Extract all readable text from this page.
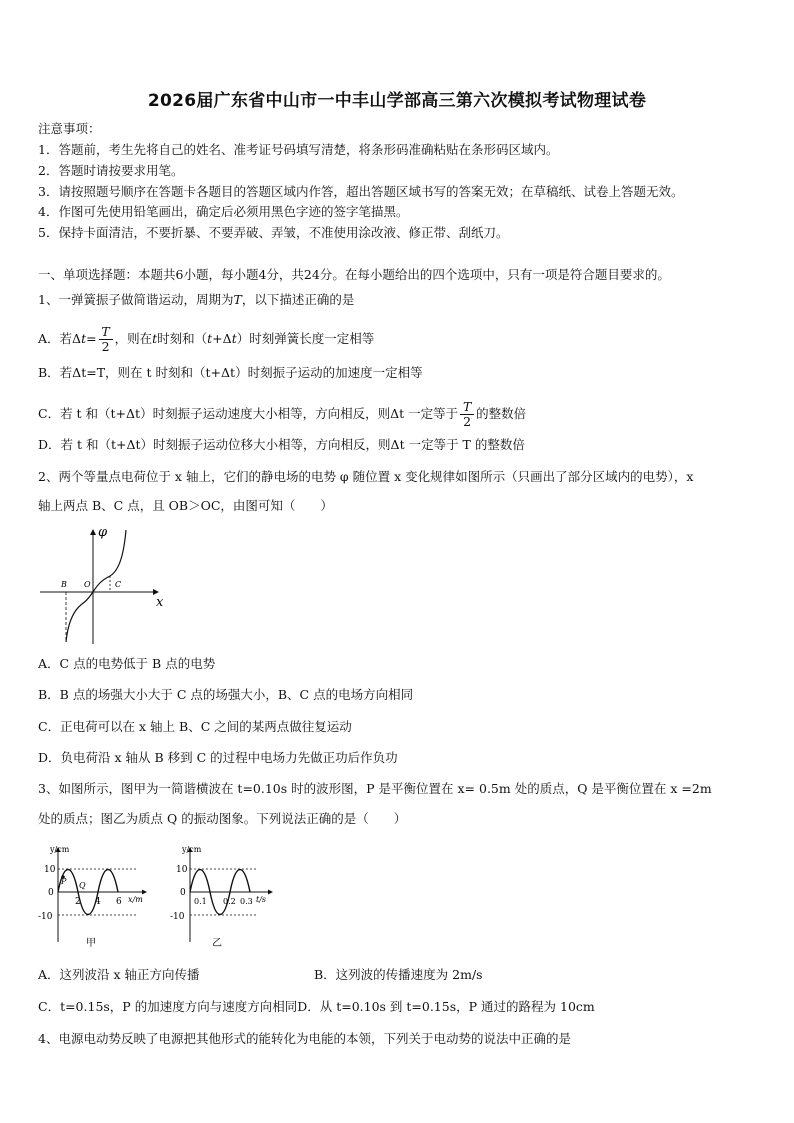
2026届广东省中山市一中丰山学部高三第六次模拟考试物理试卷
注意事项：
1．答题前，考生先将自己的姓名、准考证号码填写清楚，将条形码准确粘贴在条形码区域内。
2．答题时请按要求用笔。
3．请按照题号顺序在答题卡各题目的答题区域内作答，超出答题区域书写的答案无效；在草稿纸、试卷上答题无效。
4．作图可先使用铅笔画出，确定后必须用黑色字迹的签字笔描黑。
5．保持卡面清洁，不要折暴、不要弄破、弄皱，不准使用涂改液、修正带、刮纸刀。
一、单项选择题：本题共6小题，每小题4分，共24分。在每小题给出的四个选项中，只有一项是符合题目要求的。
1、一弹簧振子做简谐运动，周期为T，以下描述正确的是
A．若$\Delta t= \frac{T}{2}$ ，则在t时刻和（t+Δt）时刻弹簧长度一定相等
B．若Δt=T，则在 t 时刻和（t+Δt）时刻振子运动的加速度一定相等
C．若 t 和（t+Δt）时刻振子运动速度大小相等，方向相反，则Δt 一定等于 $\frac{T}{2}$ 的整数倍
D．若 t 和（t+Δt）时刻振子运动位移大小相等，方向相反，则Δt 一定等于 T 的整数倍
2、两个等量点电荷位于 x 轴上，它们的静电场的电势 φ 随位置 x 变化规律如图所示（只画出了部分区域内的电势），x
轴上两点 B、C 点，且 OB＞OC，由图可知（　　）
φ
x
B O	C
A．C 点的电势低于 B 点的电势
B．B 点的场强大小大于 C 点的场强大小，B、C 点的电场方向相同
C．正电荷可以在 x 轴上 B、C 之间的某两点做往复运动
D．负电荷沿 x 轴从 B 移到 C 的过程中电场力先做正功后作负功
3、如图所示，图甲为一简谐横波在 t=0.10s 时的波形图，P 是平衡位置在 x= 0.5m 处的质点，Q 是平衡位置在 x =2m
处的质点；图乙为质点 Q 的振动图象。下列说法正确的是（　　）
y/cm
x/m
10
0
-10
2 4 6
P Q
甲
y/cm
t/s
10
0
-10
0.1 0.2 0.3
乙
A．这列波沿 x 轴正方向传播	B．这列波的传播速度为 2m/s
C．t=0.15s，P 的加速度方向与速度方向相同D．从 t=0.10s 到 t=0.15s，P 通过的路程为 10cm
4、电源电动势反映了电源把其他形式的能转化为电能的本领，下列关于电动势的说法中正确的是
